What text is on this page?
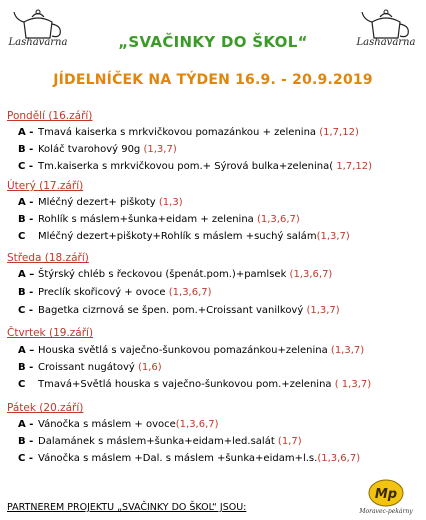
Lashavarna	Lashavarna
„SVAČINKY DO ŠKOL“
JÍDELNÍČEK NA TÝDEN 16.9. - 20.9.2019
Pondělí (16.září)
A - Tmavá kaiserka s mrkvičkovou pomazánkou + zelenina (1,7,12)
B - Koláč tvarohový 90g (1,3,7)
C - Tm.kaiserka s mrkvičkovou pom.+ Sýrová bulka+zelenina( 1,7,12)
Úterý (17.září)
A - Mléčný dezert+ piškoty (1,3)
B - Rohlík s máslem+šunka+eidam + zelenina (1,3,6,7)
C Mléčný dezert+piškoty+Rohlík s máslem +suchý salám(1,3,7)
Středa (18.září)
A – Štýrský chléb s řeckovou (špenát.pom.)+pamlsek (1,3,6,7)
B - Preclík skořicový + ovoce (1,3,6,7)
C - Bagetka cizrnová se špen. pom.+Croissant vanilkový (1,3,7)
Čtvrtek (19.září)
A – Houska světlá s vaječno-šunkovou pomazánkou+zelenina (1,3,7)
B - Croissant nugátový (1,6)
C Tmavá+Světlá houska s vaječno-šunkovou pom.+zelenina ( 1,3,7)
Pátek (20.září)
A - Vánočka s máslem + ovoce(1,3,6,7)
B - Dalamánek s máslem+šunka+eidam+led.salát (1,7)
C - Vánočka s máslem +Dal. s máslem +šunka+eidam+l.s.(1,3,6,7)
PARTNEREM PROJEKTU „SVAČINKY DO ŠKOL“ JSOU:
Mp
Moravec-pekárny
